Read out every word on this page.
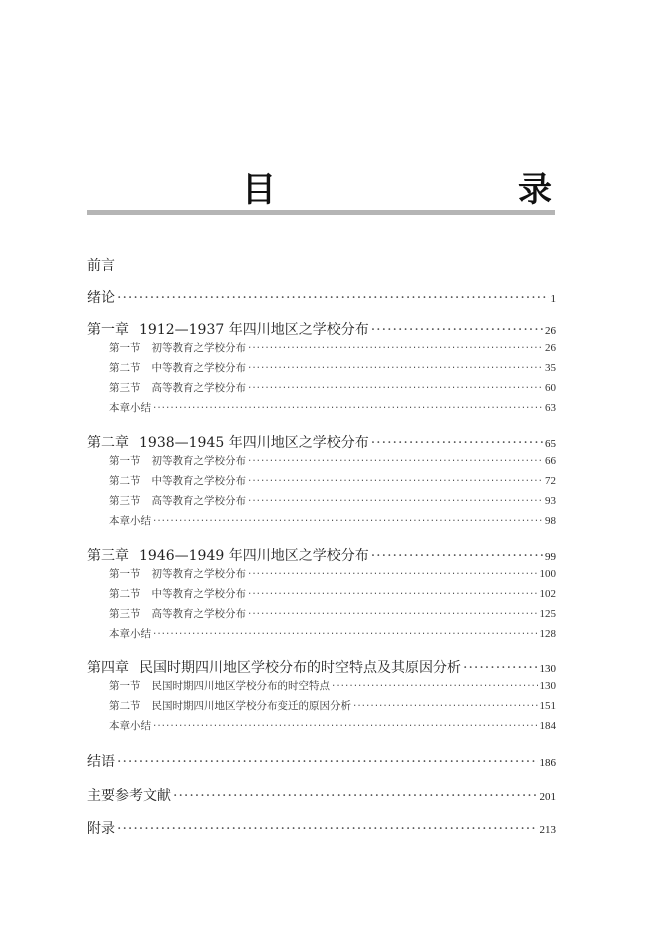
目　　录
前言
绪论 ·····	1
第一章 1912—1937 年四川地区之学校分布 ·····	26
第一节 初等教育之学校分布 ·····	26
第二节 中等教育之学校分布 ·····	35
第三节 高等教育之学校分布 ·····	60
本章小结 ·····	63
第二章 1938—1945 年四川地区之学校分布 ·····	65
第一节 初等教育之学校分布 ·····	66
第二节 中等教育之学校分布 ·····	72
第三节 高等教育之学校分布 ·····	93
本章小结 ·····	98
第三章 1946—1949 年四川地区之学校分布 ·····	99
第一节 初等教育之学校分布 ·····	100
第二节 中等教育之学校分布 ·····	102
第三节 高等教育之学校分布 ·····	125
本章小结 ·····	128
第四章 民国时期四川地区学校分布的时空特点及其原因分析 ·····	130
第一节 民国时期四川地区学校分布的时空特点 ·····	130
第二节 民国时期四川地区学校分布变迁的原因分析 ·····	151
本章小结 ·····	184
结语 ·····	186
主要参考文献 ·····	201
附录 ·····	213
